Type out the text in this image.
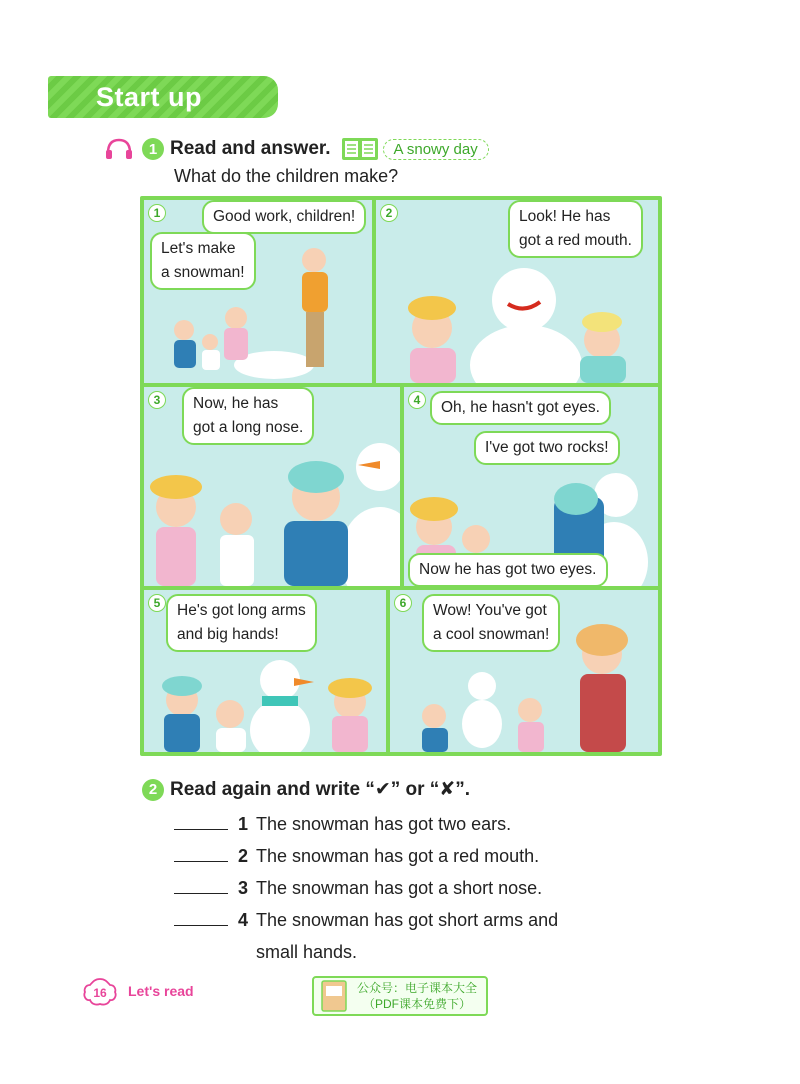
Start up
1 Read and answer.	A snowy day
What do the children make?
1	Good work, children!
Let's make
a snowman!
2	Look! He has
got a red mouth.
3	Now, he has
got a long nose.
4	Oh, he hasn't got eyes.
I've got two rocks!
Now he has got two eyes.
5	He's got long arms
and big hands!
6	Wow! You've got
a cool snowman!
2 Read again and write “✔” or “✘”.
1 The snowman has got two ears.
2 The snowman has got a red mouth.
3 The snowman has got a short nose.
4 The snowman has got short arms and
small hands.
16 Let's read	公众号：电子课本大全
（PDF课本免费下）
